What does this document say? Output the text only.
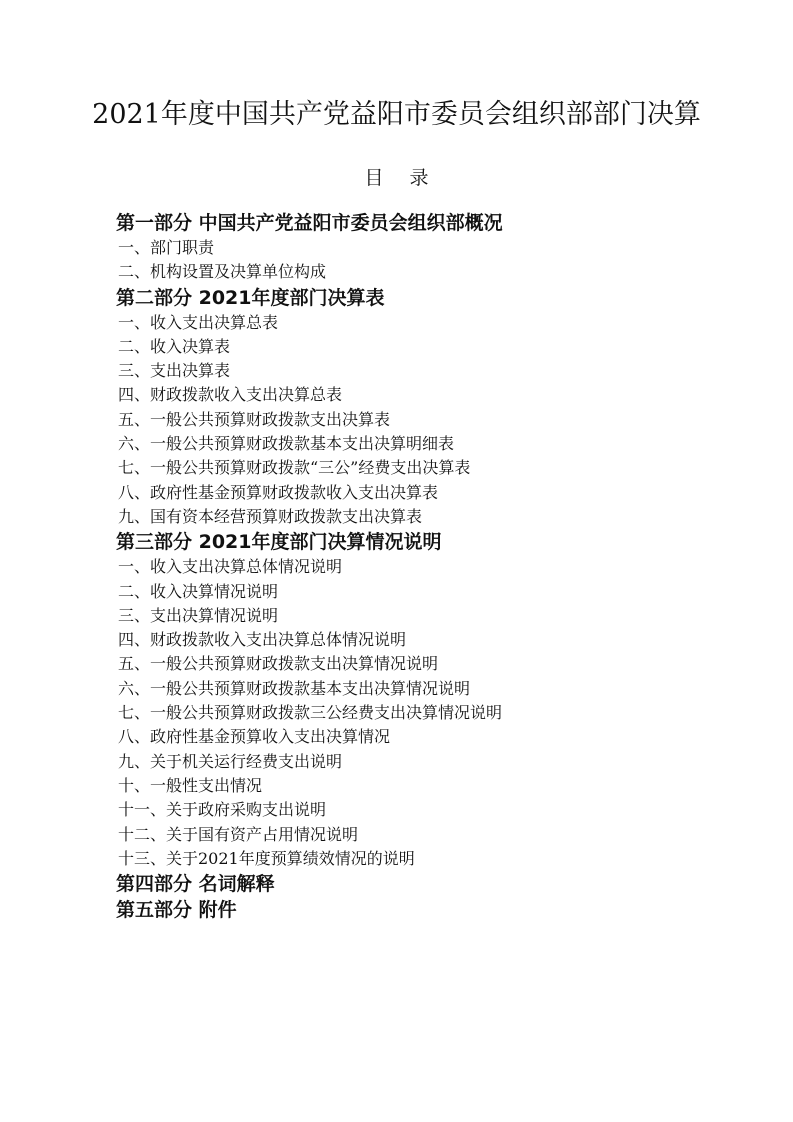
2021年度中国共产党益阳市委员会组织部部门决算
目 录
第一部分 中国共产党益阳市委员会组织部概况
一、部门职责
二、机构设置及决算单位构成
第二部分 2021年度部门决算表
一、收入支出决算总表
二、收入决算表
三、支出决算表
四、财政拨款收入支出决算总表
五、一般公共预算财政拨款支出决算表
六、一般公共预算财政拨款基本支出决算明细表
七、一般公共预算财政拨款“三公”经费支出决算表
八、政府性基金预算财政拨款收入支出决算表
九、国有资本经营预算财政拨款支出决算表
第三部分 2021年度部门决算情况说明
一、收入支出决算总体情况说明
二、收入决算情况说明
三、支出决算情况说明
四、财政拨款收入支出决算总体情况说明
五、一般公共预算财政拨款支出决算情况说明
六、一般公共预算财政拨款基本支出决算情况说明
七、一般公共预算财政拨款三公经费支出决算情况说明
八、政府性基金预算收入支出决算情况
九、关于机关运行经费支出说明
十、一般性支出情况
十一、关于政府采购支出说明
十二、关于国有资产占用情况说明
十三、关于2021年度预算绩效情况的说明
第四部分 名词解释
第五部分 附件
